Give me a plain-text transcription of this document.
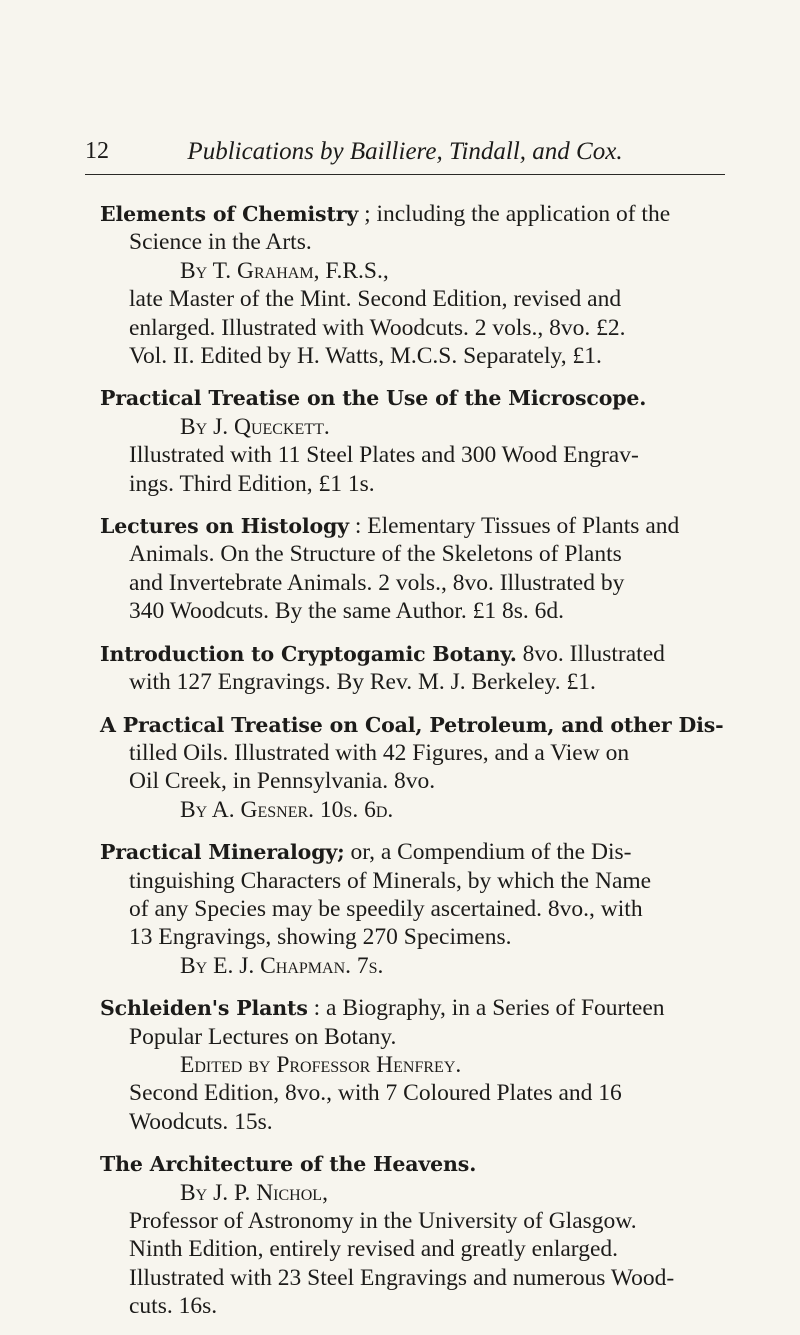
12	Publications by Bailliere, Tindall, and Cox.
Elements of Chemistry ; including the application of the
Science in the Arts.
By T. Graham, F.R.S.,
late Master of the Mint. Second Edition, revised and
enlarged. Illustrated with Woodcuts. 2 vols., 8vo. £2.
Vol. II. Edited by H. Watts, M.C.S. Separately, £1.
Practical Treatise on the Use of the Microscope.
By J. Queckett.
Illustrated with 11 Steel Plates and 300 Wood Engrav-
ings. Third Edition, £1 1s.
Lectures on Histology : Elementary Tissues of Plants and
Animals. On the Structure of the Skeletons of Plants
and Invertebrate Animals. 2 vols., 8vo. Illustrated by
340 Woodcuts. By the same Author. £1 8s. 6d.
Introduction to Cryptogamic Botany. 8vo. Illustrated
with 127 Engravings. By Rev. M. J. Berkeley. £1.
A Practical Treatise on Coal, Petroleum, and other Dis-
tilled Oils. Illustrated with 42 Figures, and a View on
Oil Creek, in Pennsylvania. 8vo.
By A. Gesner. 10s. 6d.
Practical Mineralogy; or, a Compendium of the Dis-
tinguishing Characters of Minerals, by which the Name
of any Species may be speedily ascertained. 8vo., with
13 Engravings, showing 270 Specimens.
By E. J. Chapman. 7s.
Schleiden's Plants : a Biography, in a Series of Fourteen
Popular Lectures on Botany.
Edited by Professor Henfrey.
Second Edition, 8vo., with 7 Coloured Plates and 16
Woodcuts. 15s.
The Architecture of the Heavens.
By J. P. Nichol,
Professor of Astronomy in the University of Glasgow.
Ninth Edition, entirely revised and greatly enlarged.
Illustrated with 23 Steel Engravings and numerous Wood-
cuts. 16s.
